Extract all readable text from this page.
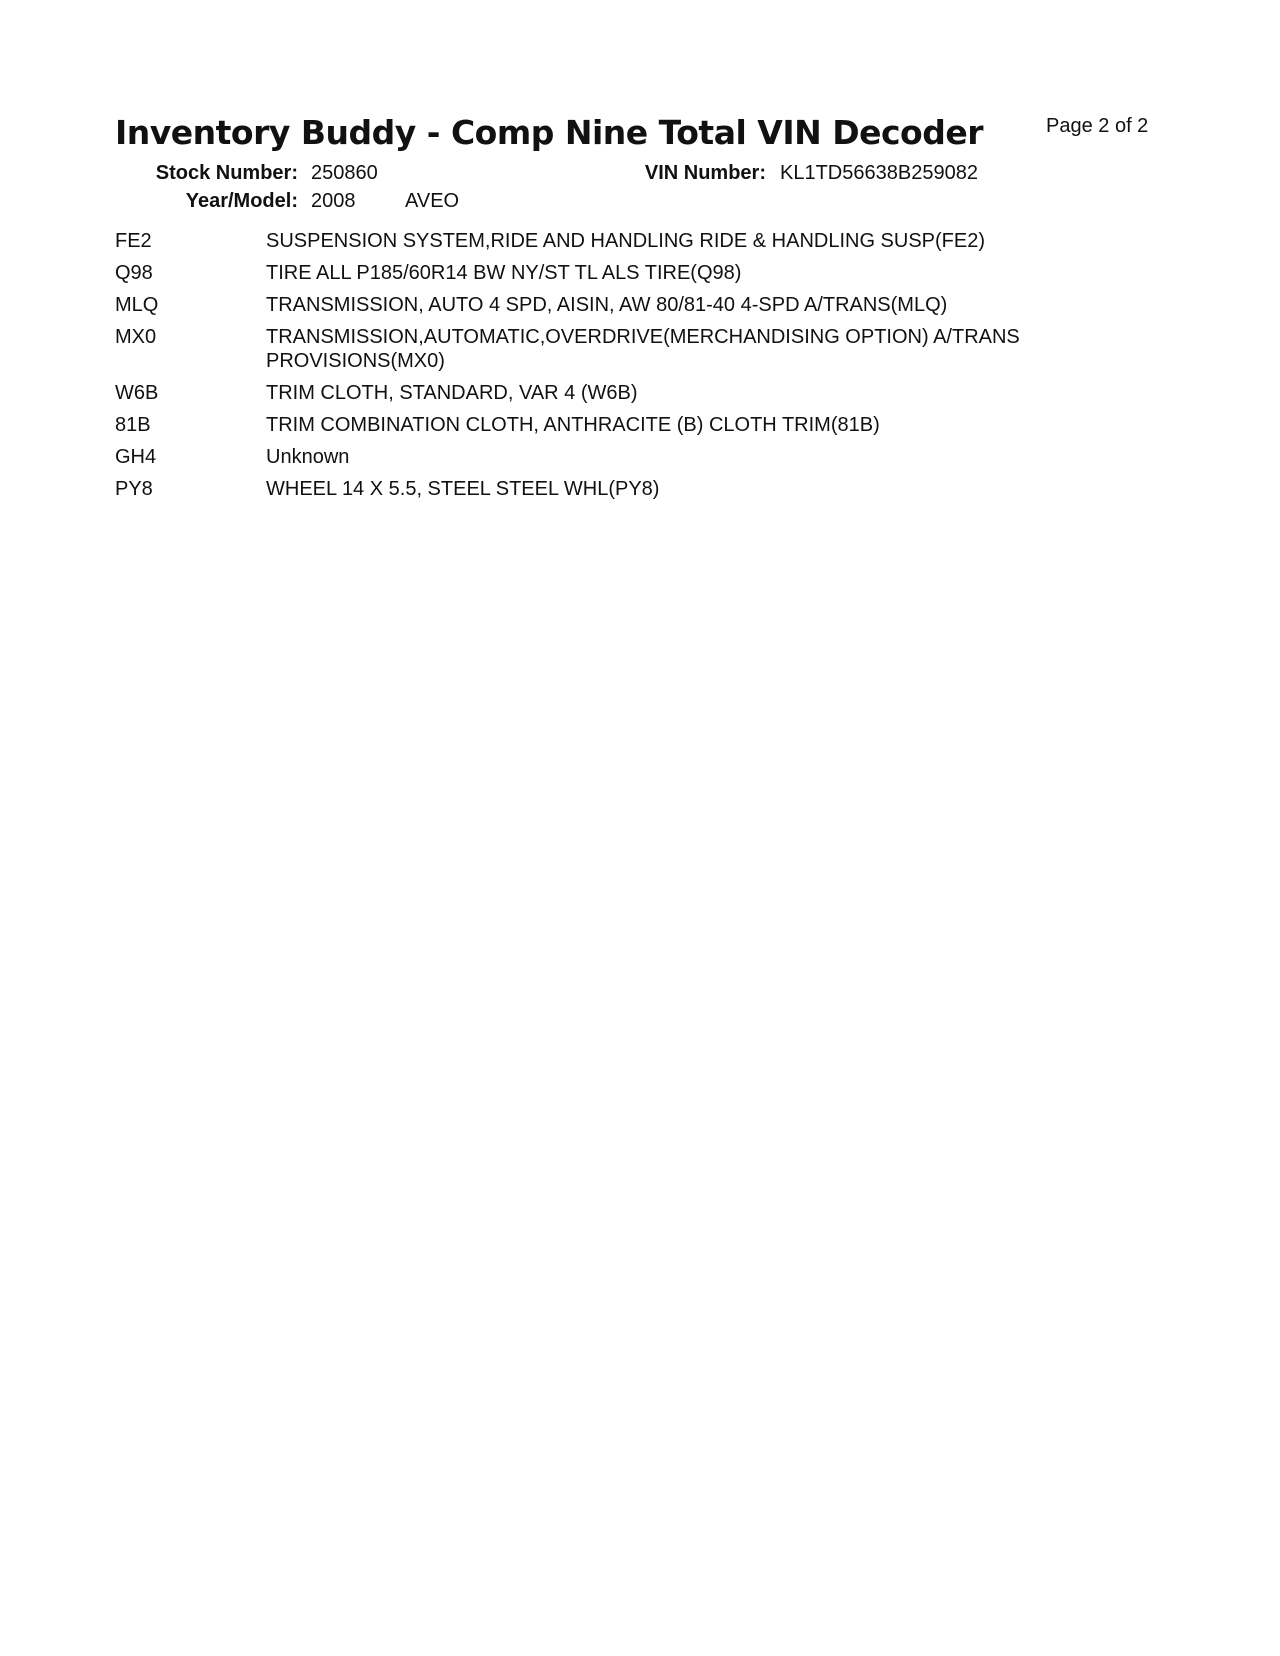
Inventory Buddy - Comp Nine Total VIN Decoder	Page 2 of 2
Stock Number: 250860	VIN Number: KL1TD56638B259082
Year/Model: 2008 AVEO
FE2	SUSPENSION SYSTEM,RIDE AND HANDLING RIDE & HANDLING SUSP(FE2)
Q98	TIRE ALL P185/60R14 BW NY/ST TL ALS TIRE(Q98)
MLQ	TRANSMISSION, AUTO 4 SPD, AISIN, AW 80/81-40 4-SPD A/TRANS(MLQ)
MX0	TRANSMISSION,AUTOMATIC,OVERDRIVE(MERCHANDISING OPTION) A/TRANS PROVISIONS(MX0)
W6B	TRIM CLOTH, STANDARD, VAR 4 (W6B)
81B	TRIM COMBINATION CLOTH, ANTHRACITE (B) CLOTH TRIM(81B)
GH4	Unknown
PY8	WHEEL 14 X 5.5, STEEL STEEL WHL(PY8)
